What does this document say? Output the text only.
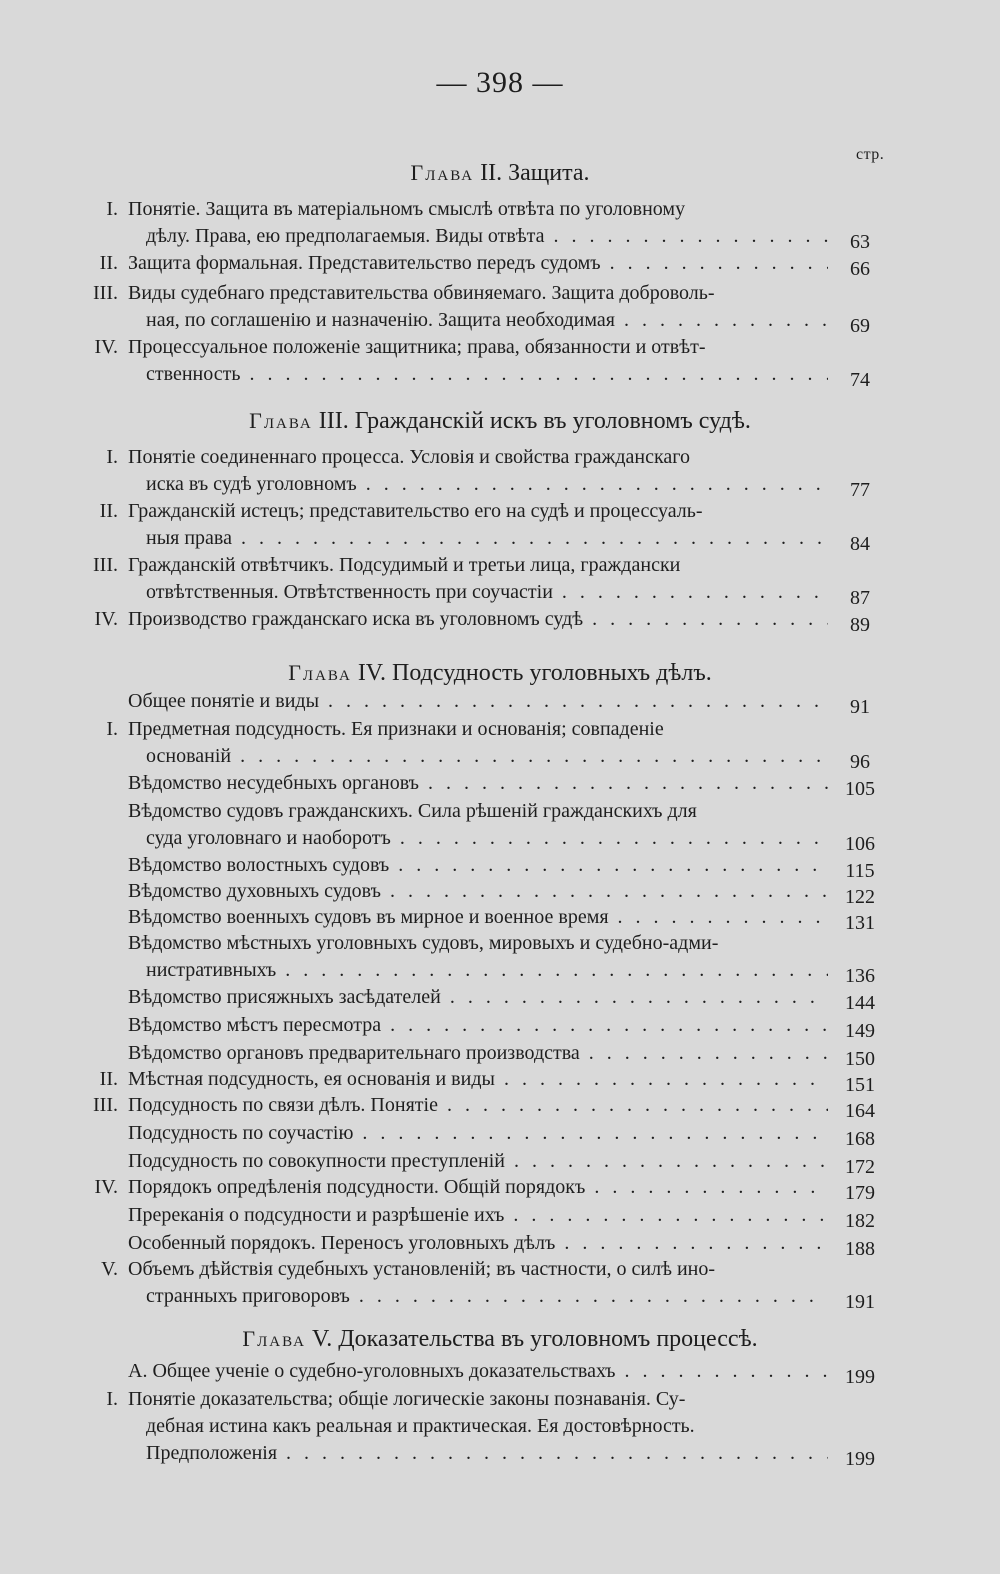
— 398 —
стр.
Глава II. Защита.
I. Понятіе. Защита въ матеріальномъ смыслѣ отвѣта по уголовному
дѣлу. Права, ею предполагаемыя. Виды отвѣта . . .	63
II. Защита формальная. Представительство передъ судомъ . . .	66
III. Виды судебнаго представительства обвиняемаго. Защита доброволь-
ная, по соглашенію и назначенію. Защита необходимая . . .	69
IV. Процессуальное положеніе защитника; права, обязанности и отвѣт-
ственность . . .	74
Глава III. Гражданскій искъ въ уголовномъ судѣ.
I. Понятіе соединеннаго процесса. Условія и свойства гражданскаго
иска въ судѣ уголовномъ . . .	77
II. Гражданскій истецъ; представительство его на судѣ и процессуаль-
ныя права . . .	84
III. Гражданскій отвѣтчикъ. Подсудимый и третьи лица, граждански
отвѣтственныя. Отвѣтственность при соучастіи . . .	87
IV. Производство гражданскаго иска въ уголовномъ судѣ . . .	89
Глава IV. Подсудность уголовныхъ дѣлъ.
Общее понятіе и виды . . .	91
I. Предметная подсудность. Ея признаки и основанія; совпаденіе
основаній . . .	96
Вѣдомство несудебныхъ органовъ . . .	105
Вѣдомство судовъ гражданскихъ. Сила рѣшеній гражданскихъ для
суда уголовнаго и наоборотъ . . .	106
Вѣдомство волостныхъ судовъ . . .	115
Вѣдомство духовныхъ судовъ . . .	122
Вѣдомство военныхъ судовъ въ мирное и военное время . . .	131
Вѣдомство мѣстныхъ уголовныхъ судовъ, мировыхъ и судебно-адми-
нистративныхъ . . .	136
Вѣдомство присяжныхъ засѣдателей . . .	144
Вѣдомство мѣстъ пересмотра . . .	149
Вѣдомство органовъ предварительнаго производства . . .	150
II. Мѣстная подсудность, ея основанія и виды . . .	151
III. Подсудность по связи дѣлъ. Понятіе . . .	164
Подсудность по соучастію . . .	168
Подсудность по совокупности преступленій . . .	172
IV. Порядокъ опредѣленія подсудности. Общій порядокъ . . .	179
Пререканія о подсудности и разрѣшеніе ихъ . . .	182
Особенный порядокъ. Переносъ уголовныхъ дѣлъ . . .	188
V. Объемъ дѣйствія судебныхъ установленій; въ частности, о силѣ ино-
странныхъ приговоровъ . . .	191
Глава V. Доказательства въ уголовномъ процессѣ.
А. Общее ученіе о судебно-уголовныхъ доказательствахъ . . .	199
I. Понятіе доказательства; общіе логическіе законы познаванія. Су-
дебная истина какъ реальная и практическая. Ея достовѣрность.
Предположенія . . .	199
